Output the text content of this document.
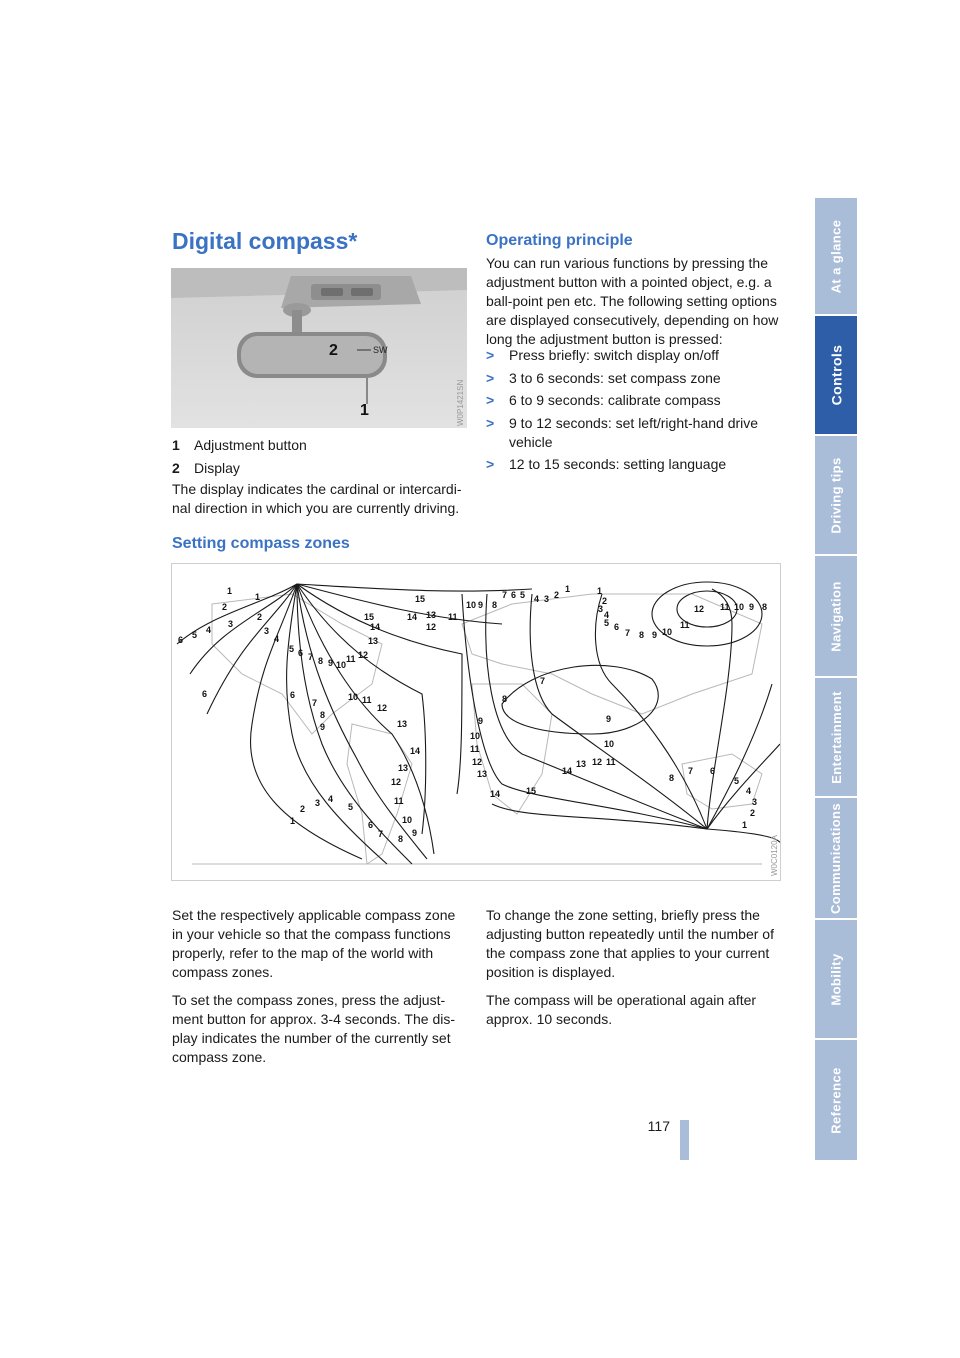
At a glance
Controls
Driving tips
Navigation
Entertainment
Communications
Mobility
Reference
Digital compass*
2	SW
1	W0P1421SN
1 Adjustment button
2 Display
The display indicates the cardinal or intercardi-
nal direction in which you are currently driving.
Operating principle
You can run various functions by pressing the
adjustment button with a pointed object, e.g. a
ball-point pen etc. The following setting options
are displayed consecutively, depending on how
long the adjustment button is pressed:
> Press briefly: switch display on/off
> 3 to 6 seconds: set compass zone
> 6 to 9 seconds: calibrate compass
> 9 to 12 seconds: set left/right-hand drive vehicle
> 12 to 15 seconds: setting language
Setting compass zones
1
2
3
4
5
6
6	6
7
8
9
10 11
12
13
14
15
14
13
12
11
10
9
8
7
9
10
11
12
13
14
8
7 6
5
4
3
2
1
1
2
3 4
5
6
7 8
9
10
11
12
13
15
15
14
13
14 13
12
11
10 9 8
7 6 5 4 3 2
1	1
2
3
4
5 6
7 8 9 10
11
12 11 10 9 8
1
2
3
4
5 6 7 8 9 10
11 12
W0C0120A
Set the respectively applicable compass zone
in your vehicle so that the compass functions
properly, refer to the map of the world with
compass zones.
To set the compass zones, press the adjust-
ment button for approx. 3-4 seconds. The dis-
play indicates the number of the currently set
compass zone.
To change the zone setting, briefly press the
adjusting button repeatedly until the number of
the compass zone that applies to your current
position is displayed.
The compass will be operational again after
approx. 10 seconds.
117
